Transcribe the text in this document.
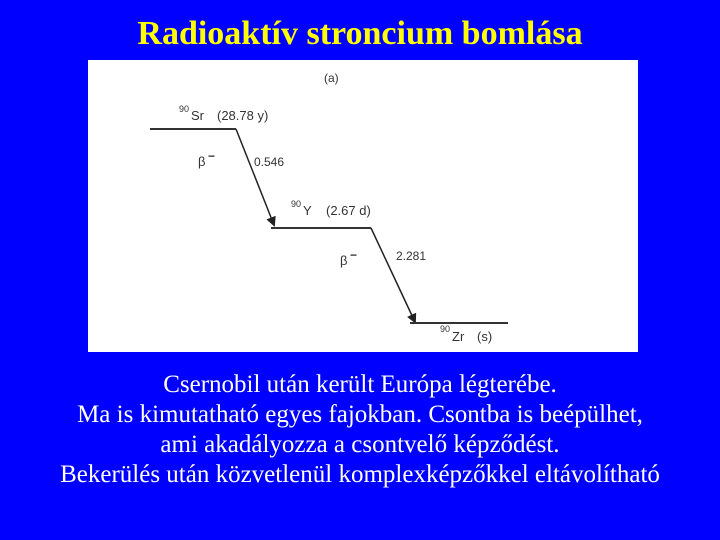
Radioaktív stroncium bomlása
(a)
90 Sr (28.78 y)
β −	0.546
90 Y (2.67 d)
β −	2.281
90 Zr (s)
Csernobil után került Európa légterébe.
Ma is kimutatható egyes fajokban. Csontba is beépülhet,
ami akadályozza a csontvelő képződést.
Bekerülés után közvetlenül komplexképzőkkel eltávolítható
